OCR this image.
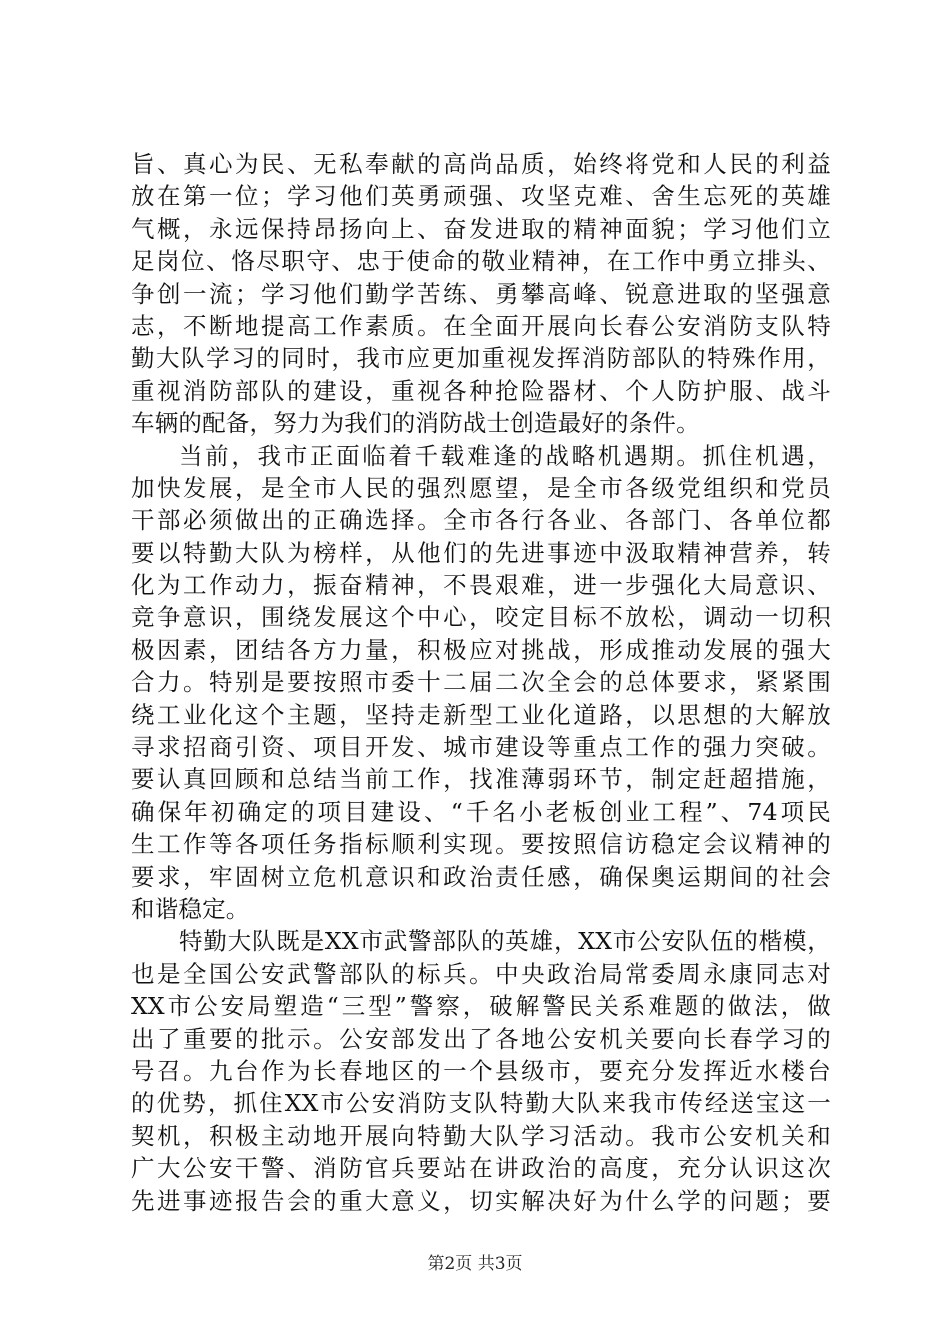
旨、真心为民、无私奉献的高尚品质，始终将党和人民的利益
放在第一位；学习他们英勇顽强、攻坚克难、舍生忘死的英雄
气概，永远保持昂扬向上、奋发进取的精神面貌；学习他们立
足岗位、恪尽职守、忠于使命的敬业精神，在工作中勇立排头、
争创一流；学习他们勤学苦练、勇攀高峰、锐意进取的坚强意
志，不断地提高工作素质。在全面开展向长春公安消防支队特
勤大队学习的同时，我市应更加重视发挥消防部队的特殊作用，
重视消防部队的建设，重视各种抢险器材、个人防护服、战斗
车辆的配备，努力为我们的消防战士创造最好的条件。
当前，我市正面临着千载难逢的战略机遇期。抓住机遇，
加快发展，是全市人民的强烈愿望，是全市各级党组织和党员
干部必须做出的正确选择。全市各行各业、各部门、各单位都
要以特勤大队为榜样，从他们的先进事迹中汲取精神营养，转
化为工作动力，振奋精神，不畏艰难，进一步强化大局意识、
竞争意识，围绕发展这个中心，咬定目标不放松，调动一切积
极因素，团结各方力量，积极应对挑战，形成推动发展的强大
合力。特别是要按照市委十二届二次全会的总体要求，紧紧围
绕工业化这个主题，坚持走新型工业化道路，以思想的大解放
寻求招商引资、项目开发、城市建设等重点工作的强力突破。
要认真回顾和总结当前工作，找准薄弱环节，制定赶超措施，
确保年初确定的项目建设、“千名小老板创业工程”、74项民
生工作等各项任务指标顺利实现。要按照信访稳定会议精神的
要求，牢固树立危机意识和政治责任感，确保奥运期间的社会
和谐稳定。
特勤大队既是XX市武警部队的英雄，XX市公安队伍的楷模，
也是全国公安武警部队的标兵。中央政治局常委周永康同志对
XX市公安局塑造“三型”警察，破解警民关系难题的做法，做
出了重要的批示。公安部发出了各地公安机关要向长春学习的
号召。九台作为长春地区的一个县级市，要充分发挥近水楼台
的优势，抓住XX市公安消防支队特勤大队来我市传经送宝这一
契机，积极主动地开展向特勤大队学习活动。我市公安机关和
广大公安干警、消防官兵要站在讲政治的高度，充分认识这次
先进事迹报告会的重大意义，切实解决好为什么学的问题；要
第2页 共3页
